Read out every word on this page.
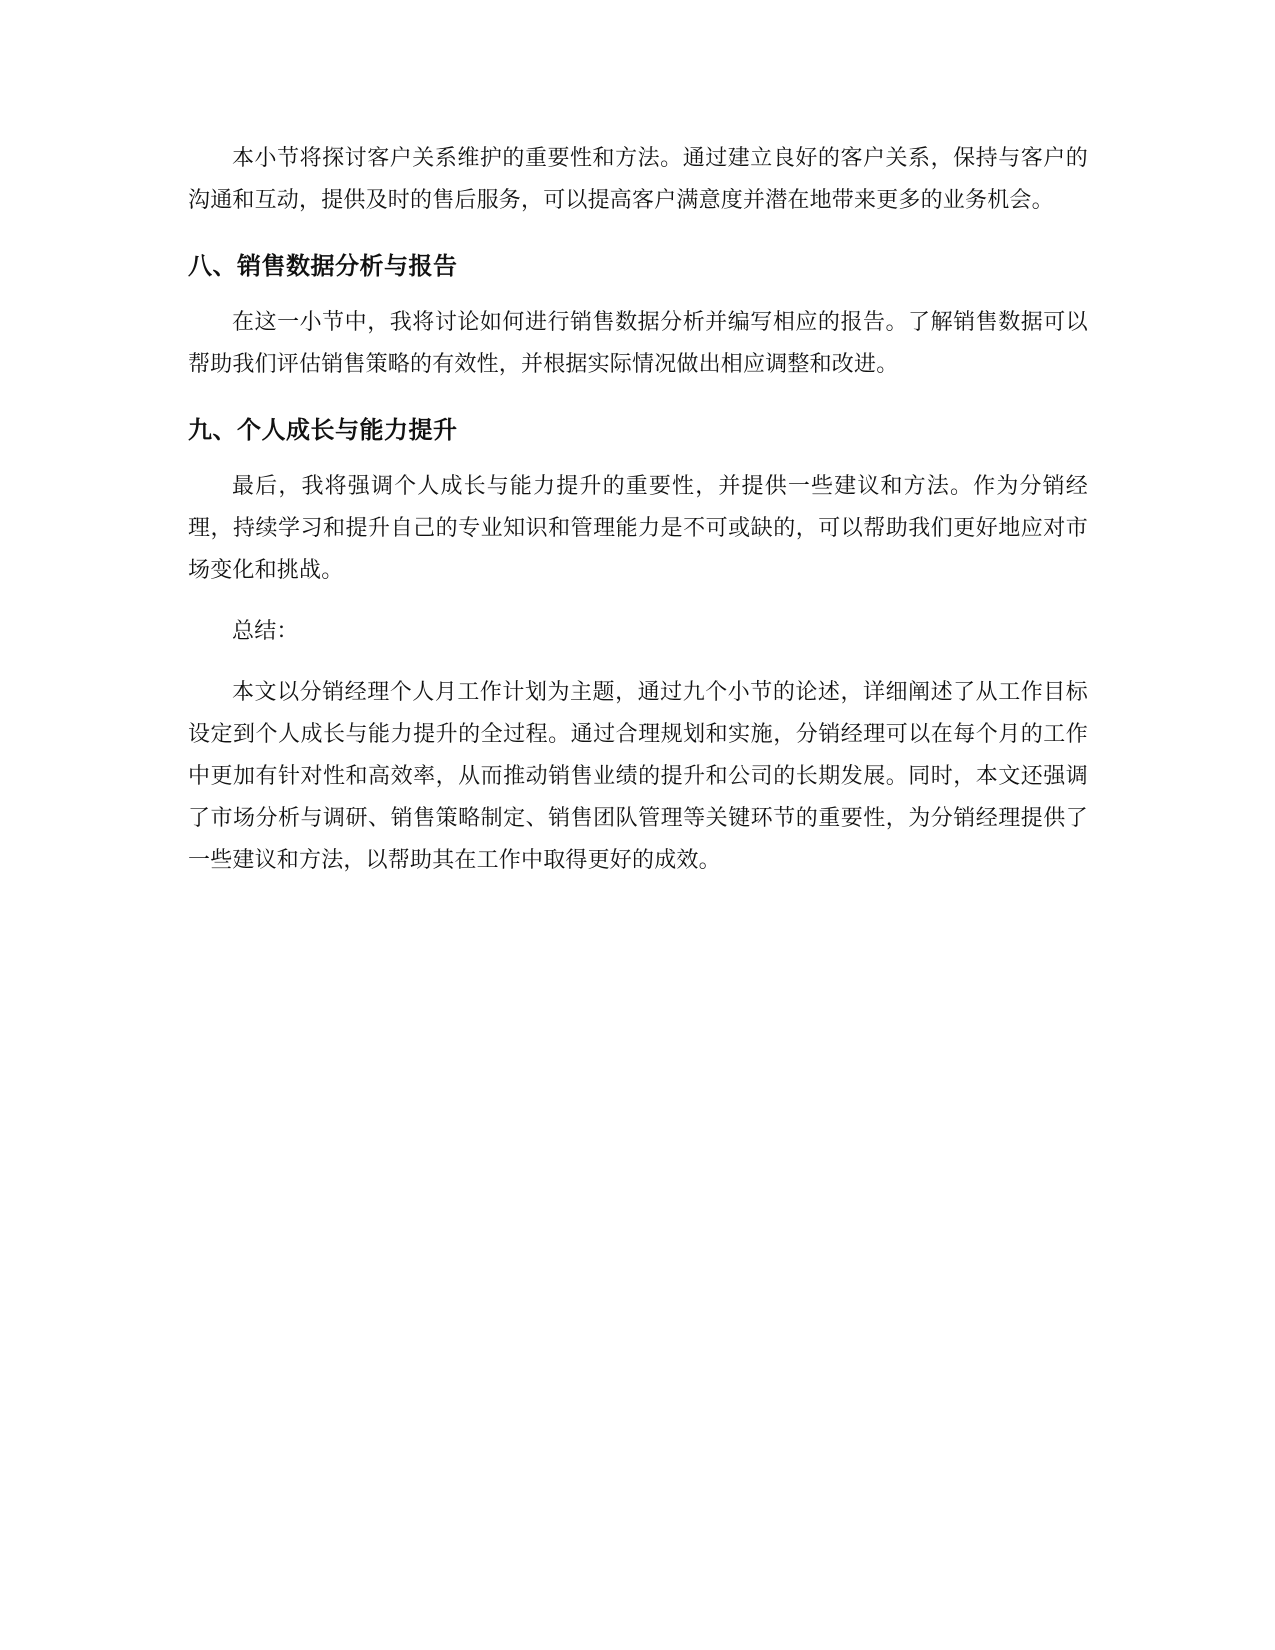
本小节将探讨客户关系维护的重要性和方法。通过建立良好的客户关系，保持与客户的沟通和互动，提供及时的售后服务，可以提高客户满意度并潜在地带来更多的业务机会。

八、销售数据分析与报告

在这一小节中，我将讨论如何进行销售数据分析并编写相应的报告。了解销售数据可以帮助我们评估销售策略的有效性，并根据实际情况做出相应调整和改进。

九、个人成长与能力提升

最后，我将强调个人成长与能力提升的重要性，并提供一些建议和方法。作为分销经理，持续学习和提升自己的专业知识和管理能力是不可或缺的，可以帮助我们更好地应对市场变化和挑战。

总结：

本文以分销经理个人月工作计划为主题，通过九个小节的论述，详细阐述了从工作目标设定到个人成长与能力提升的全过程。通过合理规划和实施，分销经理可以在每个月的工作中更加有针对性和高效率，从而推动销售业绩的提升和公司的长期发展。同时，本文还强调了市场分析与调研、销售策略制定、销售团队管理等关键环节的重要性，为分销经理提供了一些建议和方法，以帮助其在工作中取得更好的成效。
